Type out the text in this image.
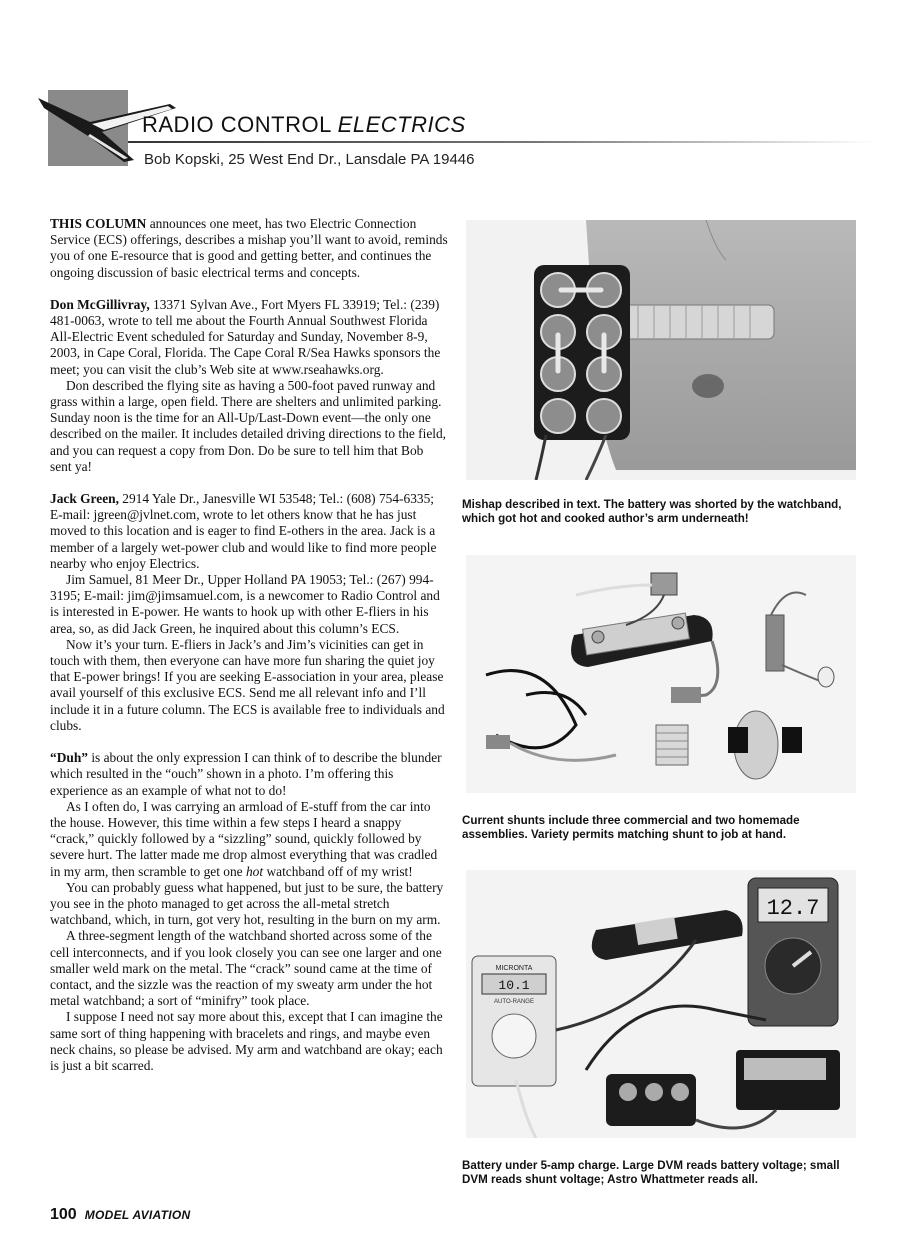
RADIO CONTROL ELECTRICS
Bob Kopski, 25 West End Dr., Lansdale PA 19446

THIS COLUMN announces one meet, has two Electric Connection Service (ECS) offerings, describes a mishap you’ll want to avoid, reminds you of one E-resource that is good and getting better, and continues the ongoing discussion of basic electrical terms and concepts.

Don McGillivray, 13371 Sylvan Ave., Fort Myers FL 33919; Tel.: (239) 481-0063, wrote to tell me about the Fourth Annual Southwest Florida All-Electric Event scheduled for Saturday and Sunday, November 8-9, 2003, in Cape Coral, Florida. The Cape Coral R/Sea Hawks sponsors the meet; you can visit the club’s Web site at www.rseahawks.org.

Don described the flying site as having a 500-foot paved runway and grass within a large, open field. There are shelters and unlimited parking. Sunday noon is the time for an All-Up/Last-Down event—the only one described on the mailer. It includes detailed driving directions to the field, and you can request a copy from Don. Do be sure to tell him that Bob sent ya!

Jack Green, 2914 Yale Dr., Janesville WI 53548; Tel.: (608) 754-6335; E-mail: jgreen@jvlnet.com, wrote to let others know that he has just moved to this location and is eager to find E-others in the area. Jack is a member of a largely wet-power club and would like to find more people nearby who enjoy Electrics.

Jim Samuel, 81 Meer Dr., Upper Holland PA 19053; Tel.: (267) 994-3195; E-mail: jim@jimsamuel.com, is a newcomer to Radio Control and is interested in E-power. He wants to hook up with other E-fliers in his area, so, as did Jack Green, he inquired about this column’s ECS.

Now it’s your turn. E-fliers in Jack’s and Jim’s vicinities can get in touch with them, then everyone can have more fun sharing the quiet joy that E-power brings! If you are seeking E-association in your area, please avail yourself of this exclusive ECS. Send me all relevant info and I’ll include it in a future column. The ECS is available free to individuals and clubs.

“Duh” is about the only expression I can think of to describe the blunder which resulted in the “ouch” shown in a photo. I’m offering this experience as an example of what not to do!

As I often do, I was carrying an armload of E-stuff from the car into the house. However, this time within a few steps I heard a snappy “crack,” quickly followed by a “sizzling” sound, quickly followed by severe hurt. The latter made me drop almost everything that was cradled in my arm, then scramble to get one hot watchband off of my wrist!

You can probably guess what happened, but just to be sure, the battery you see in the photo managed to get across the all-metal stretch watchband, which, in turn, got very hot, resulting in the burn on my arm.

A three-segment length of the watchband shorted across some of the cell interconnects, and if you look closely you can see one larger and one smaller weld mark on the metal. The “crack” sound came at the time of contact, and the sizzle was the reaction of my sweaty arm under the hot metal watchband; a sort of “minifry” took place.

I suppose I need not say more about this, except that I can imagine the same sort of thing happening with bracelets and rings, and maybe even neck chains, so please be advised. My arm and watchband are okay; each is just a bit scarred.

Mishap described in text. The battery was shorted by the watchband, which got hot and cooked author’s arm underneath!
Current shunts include three commercial and two homemade assemblies. Variety permits matching shunt to job at hand.
12.7
MICRONTA
10.1
AUTO-RANGE
Battery under 5-amp charge. Large DVM reads battery voltage; small DVM reads shunt voltage; Astro Whattmeter reads all.
100 MODEL AVIATION
